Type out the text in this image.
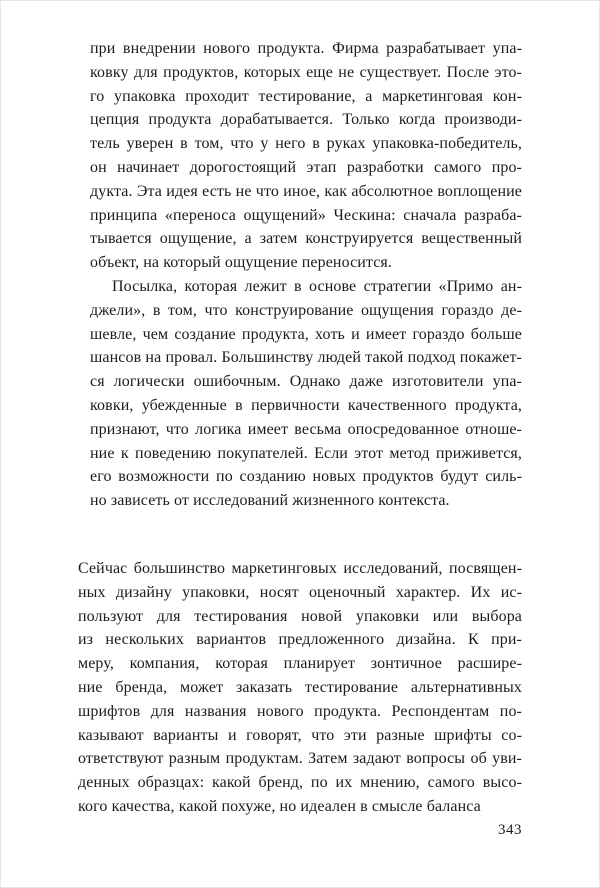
при внедрении нового продукта. Фирма разрабатывает упа-
ковку для продуктов, которых еще не существует. После это-
го упаковка проходит тестирование, а маркетинговая кон-
цепция продукта дорабатывается. Только когда производи-
тель уверен в том, что у него в руках упаковка-победитель,
он начинает дорогостоящий этап разработки самого про-
дукта. Эта идея есть не что иное, как абсолютное воплощение
принципа «переноса ощущений» Ческина: сначала разраба-
тывается ощущение, а затем конструируется вещественный
объект, на который ощущение переносится.
Посылка, которая лежит в основе стратегии «Примо ан-
джели», в том, что конструирование ощущения гораздо де-
шевле, чем создание продукта, хоть и имеет гораздо больше
шансов на провал. Большинству людей такой подход покажет-
ся логически ошибочным. Однако даже изготовители упа-
ковки, убежденные в первичности качественного продукта,
признают, что логика имеет весьма опосредованное отноше-
ние к поведению покупателей. Если этот метод приживется,
его возможности по созданию новых продуктов будут силь-
но зависеть от исследований жизненного контекста.
Сейчас большинство маркетинговых исследований, посвящен-
ных дизайну упаковки, носят оценочный характер. Их ис-
пользуют для тестирования новой упаковки или выбора
из нескольких вариантов предложенного дизайна. К при-
меру, компания, которая планирует зонтичное расшире-
ние бренда, может заказать тестирование альтернативных
шрифтов для названия нового продукта. Респондентам по-
казывают варианты и говорят, что эти разные шрифты со-
ответствуют разным продуктам. Затем задают вопросы об уви-
денных образцах: какой бренд, по их мнению, самого высо-
кого качества, какой похуже, но идеален в смысле баланса
343
